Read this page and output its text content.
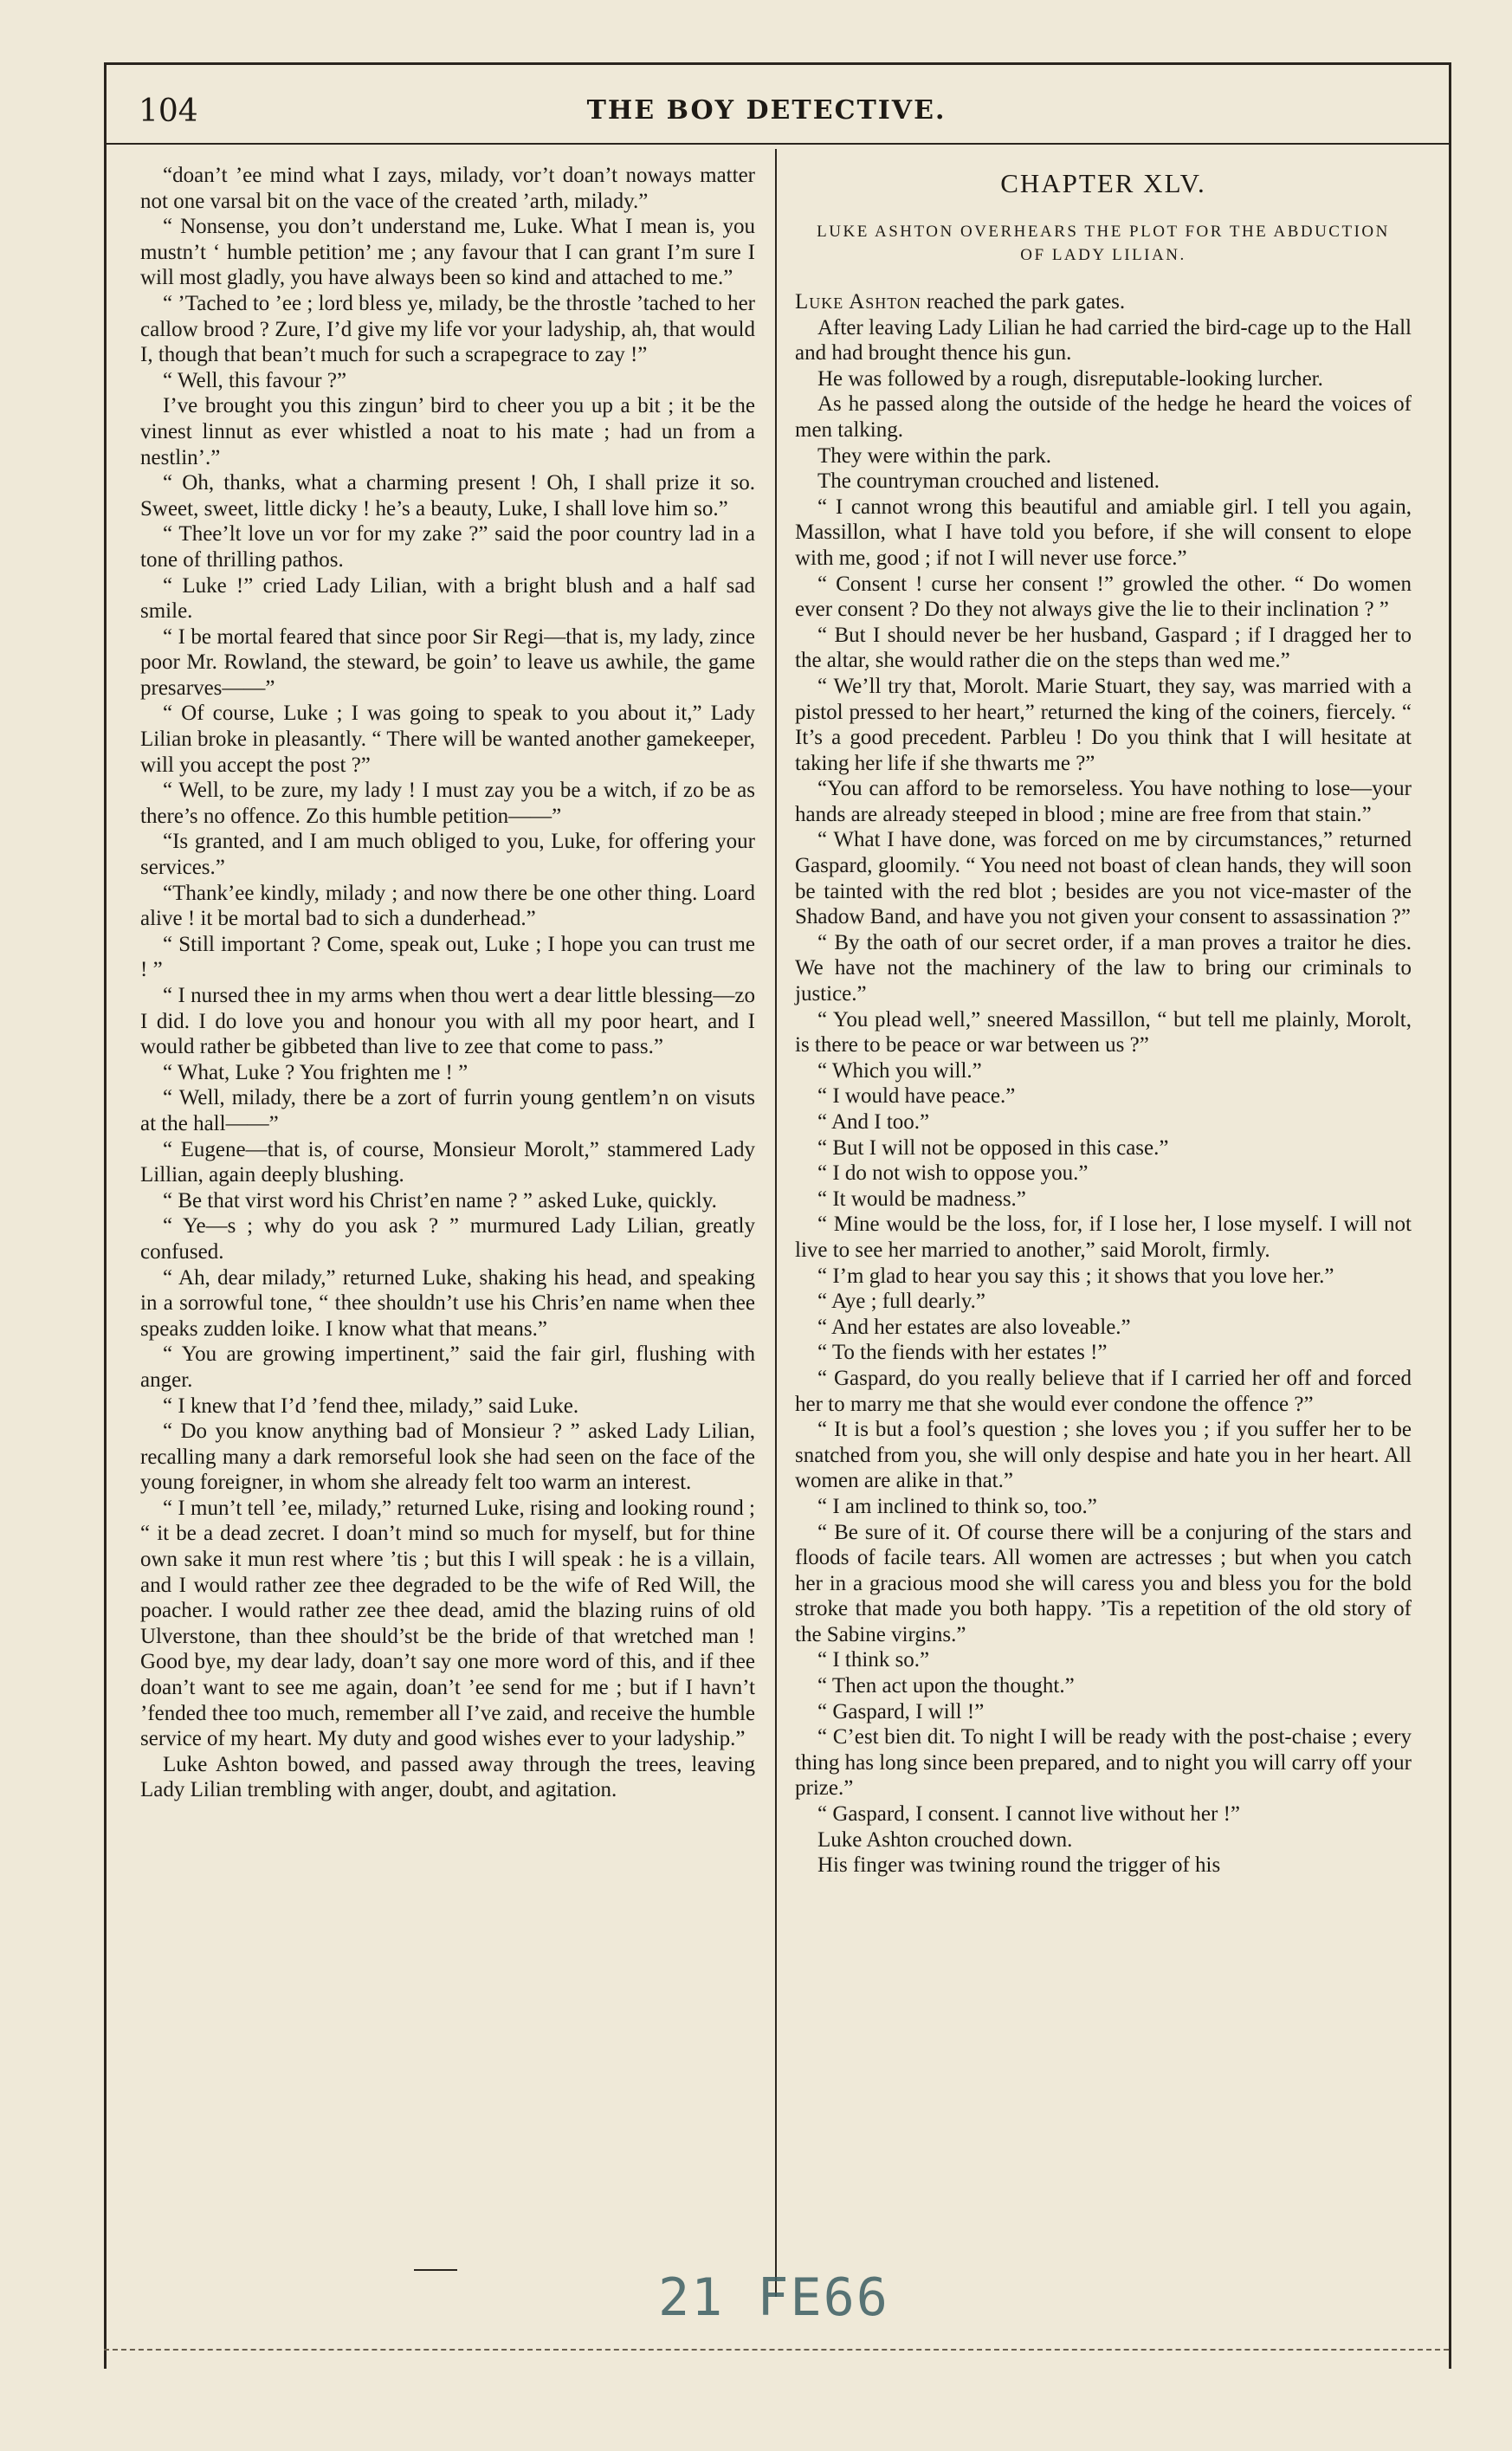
104	THE BOY DETECTIVE.

“doan’t ’ee mind what I zays, milady, vor’t doan’t noways matter not one varsal bit on the vace of the created ’arth, milady.”

“ Nonsense, you don’t understand me, Luke. What I mean is, you mustn’t ‘ humble petition’ me ; any favour that I can grant I’m sure I will most gladly, you have always been so kind and attached to me.”

“ ’Tached to ’ee ; lord bless ye, milady, be the throstle ’tached to her callow brood ? Zure, I’d give my life vor your ladyship, ah, that would I, though that bean’t much for such a scrapegrace to zay !”

“ Well, this favour ?”

I’ve brought you this zingun’ bird to cheer you up a bit ; it be the vinest linnut as ever whistled a noat to his mate ; had un from a nestlin’.”

“ Oh, thanks, what a charming present ! Oh, I shall prize it so. Sweet, sweet, little dicky ! he’s a beauty, Luke, I shall love him so.”

“ Thee’lt love un vor for my zake ?” said the poor country lad in a tone of thrilling pathos.

“ Luke !” cried Lady Lilian, with a bright blush and a half sad smile.

“ I be mortal feared that since poor Sir Regi—that is, my lady, zince poor Mr. Rowland, the steward, be goin’ to leave us awhile, the game presarves——”

“ Of course, Luke ; I was going to speak to you about it,” Lady Lilian broke in pleasantly. “ There will be wanted another gamekeeper, will you accept the post ?”

“ Well, to be zure, my lady ! I must zay you be a witch, if zo be as there’s no offence. Zo this humble petition——”

“Is granted, and I am much obliged to you, Luke, for offering your services.”

“Thank’ee kindly, milady ; and now there be one other thing. Loard alive ! it be mortal bad to sich a dunderhead.”

“ Still important ? Come, speak out, Luke ; I hope you can trust me ! ”

“ I nursed thee in my arms when thou wert a dear little blessing—zo I did. I do love you and honour you with all my poor heart, and I would rather be gibbeted than live to zee that come to pass.”

“ What, Luke ? You frighten me ! ”

“ Well, milady, there be a zort of furrin young gentlem’n on visuts at the hall——”

“ Eugene—that is, of course, Monsieur Morolt,” stammered Lady Lillian, again deeply blushing.

“ Be that virst word his Christ’en name ? ” asked Luke, quickly.

“ Ye—s ; why do you ask ? ” murmured Lady Lilian, greatly confused.

“ Ah, dear milady,” returned Luke, shaking his head, and speaking in a sorrowful tone, “ thee shouldn’t use his Chris’en name when thee speaks zudden loike. I know what that means.”

“ You are growing impertinent,” said the fair girl, flushing with anger.

“ I knew that I’d ’fend thee, milady,” said Luke.

“ Do you know anything bad of Monsieur ? ” asked Lady Lilian, recalling many a dark remorseful look she had seen on the face of the young foreigner, in whom she already felt too warm an interest.

“ I mun’t tell ’ee, milady,” returned Luke, rising and looking round ; “ it be a dead zecret. I doan’t mind so much for myself, but for thine own sake it mun rest where ’tis ; but this I will speak : he is a villain, and I would rather zee thee degraded to be the wife of Red Will, the poacher. I would rather zee thee dead, amid the blazing ruins of old Ulverstone, than thee should’st be the bride of that wretched man ! Good bye, my dear lady, doan’t say one more word of this, and if thee doan’t want to see me again, doan’t ’ee send for me ; but if I havn’t ’fended thee too much, remember all I’ve zaid, and receive the humble service of my heart. My duty and good wishes ever to your ladyship.”

Luke Ashton bowed, and passed away through the trees, leaving Lady Lilian trembling with anger, doubt, and agitation.

CHAPTER XLV.
LUKE ASHTON OVERHEARS THE PLOT FOR THE ABDUCTION OF LADY LILIAN.

Luke Ashton reached the park gates.

After leaving Lady Lilian he had carried the bird-cage up to the Hall and had brought thence his gun.

He was followed by a rough, disreputable-looking lurcher.

As he passed along the outside of the hedge he heard the voices of men talking.

They were within the park.

The countryman crouched and listened.

“ I cannot wrong this beautiful and amiable girl. I tell you again, Massillon, what I have told you before, if she will consent to elope with me, good ; if not I will never use force.”

“ Consent ! curse her consent !” growled the other. “ Do women ever consent ? Do they not always give the lie to their inclination ? ”

“ But I should never be her husband, Gaspard ; if I dragged her to the altar, she would rather die on the steps than wed me.”

“ We’ll try that, Morolt. Marie Stuart, they say, was married with a pistol pressed to her heart,” returned the king of the coiners, fiercely. “ It’s a good precedent. Parbleu ! Do you think that I will hesitate at taking her life if she thwarts me ?”

“You can afford to be remorseless. You have nothing to lose—your hands are already steeped in blood ; mine are free from that stain.”

“ What I have done, was forced on me by circumstances,” returned Gaspard, gloomily. “ You need not boast of clean hands, they will soon be tainted with the red blot ; besides are you not vice-master of the Shadow Band, and have you not given your consent to assassination ?”

“ By the oath of our secret order, if a man proves a traitor he dies. We have not the machinery of the law to bring our criminals to justice.”

“ You plead well,” sneered Massillon, “ but tell me plainly, Morolt, is there to be peace or war between us ?”

“ Which you will.”

“ I would have peace.”

“ And I too.”

“ But I will not be opposed in this case.”

“ I do not wish to oppose you.”

“ It would be madness.”

“ Mine would be the loss, for, if I lose her, I lose myself. I will not live to see her married to another,” said Morolt, firmly.

“ I’m glad to hear you say this ; it shows that you love her.”

“ Aye ; full dearly.”

“ And her estates are also loveable.”

“ To the fiends with her estates !”

“ Gaspard, do you really believe that if I carried her off and forced her to marry me that she would ever condone the offence ?”

“ It is but a fool’s question ; she loves you ; if you suffer her to be snatched from you, she will only despise and hate you in her heart. All women are alike in that.”

“ I am inclined to think so, too.”

“ Be sure of it. Of course there will be a conjuring of the stars and floods of facile tears. All women are actresses ; but when you catch her in a gracious mood she will caress you and bless you for the bold stroke that made you both happy. ’Tis a repetition of the old story of the Sabine virgins.”

“ I think so.”

“ Then act upon the thought.”

“ Gaspard, I will !”

“ C’est bien dit. To night I will be ready with the post-chaise ; every thing has long since been prepared, and to night you will carry off your prize.”

“ Gaspard, I consent. I cannot live without her !”

Luke Ashton crouched down.

His finger was twining round the trigger of his

21 FE66
